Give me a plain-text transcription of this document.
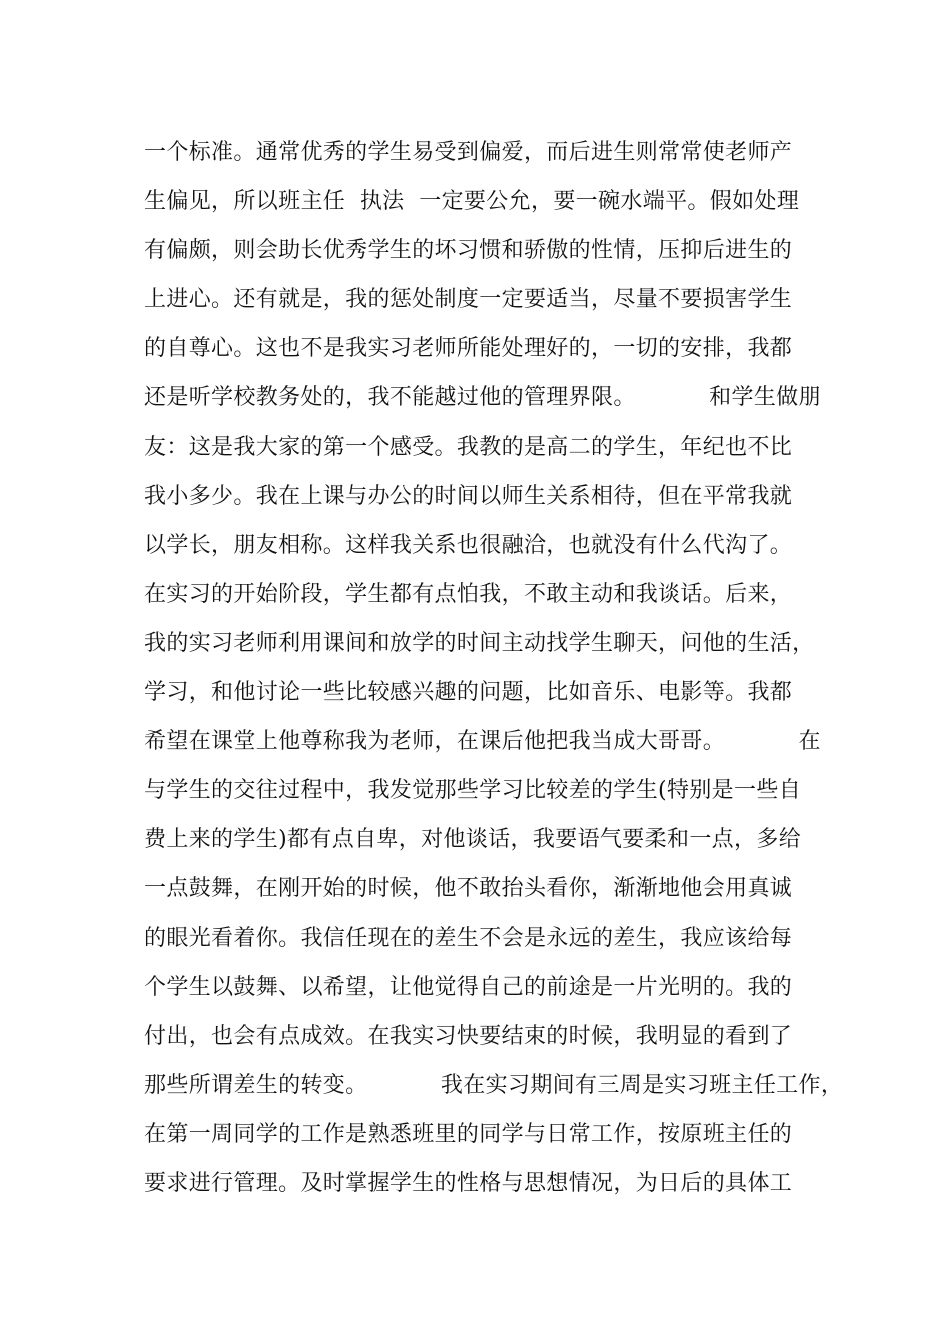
一个标准。通常优秀的学生易受到偏爱，而后进生则常常使老师产
生偏见，所以班主任  执法  一定要公允，要一碗水端平。假如处理
有偏颇，则会助长优秀学生的坏习惯和骄傲的性情，压抑后进生的
上进心。还有就是，我的惩处制度一定要适当，尽量不要损害学生
的自尊心。这也不是我实习老师所能处理好的，一切的安排，我都
还是听学校教务处的，我不能越过他的管理界限。          和学生做朋
友：这是我大家的第一个感受。我教的是高二的学生，年纪也不比
我小多少。我在上课与办公的时间以师生关系相待，但在平常我就
以学长，朋友相称。这样我关系也很融洽，也就没有什么代沟了。
在实习的开始阶段，学生都有点怕我，不敢主动和我谈话。后来，
我的实习老师利用课间和放学的时间主动找学生聊天，问他的生活，
学习，和他讨论一些比较感兴趣的问题，比如音乐、电影等。我都
希望在课堂上他尊称我为老师，在课后他把我当成大哥哥。          在
与学生的交往过程中，我发觉那些学习比较差的学生(特别是一些自
费上来的学生)都有点自卑，对他谈话，我要语气要柔和一点，多给
一点鼓舞，在刚开始的时候，他不敢抬头看你，渐渐地他会用真诚
的眼光看着你。我信任现在的差生不会是永远的差生，我应该给每
个学生以鼓舞、以希望，让他觉得自己的前途是一片光明的。我的
付出，也会有点成效。在我实习快要结束的时候，我明显的看到了
那些所谓差生的转变。          我在实习期间有三周是实习班主任工作，
在第一周同学的工作是熟悉班里的同学与日常工作，按原班主任的
要求进行管理。及时掌握学生的性格与思想情况，为日后的具体工
